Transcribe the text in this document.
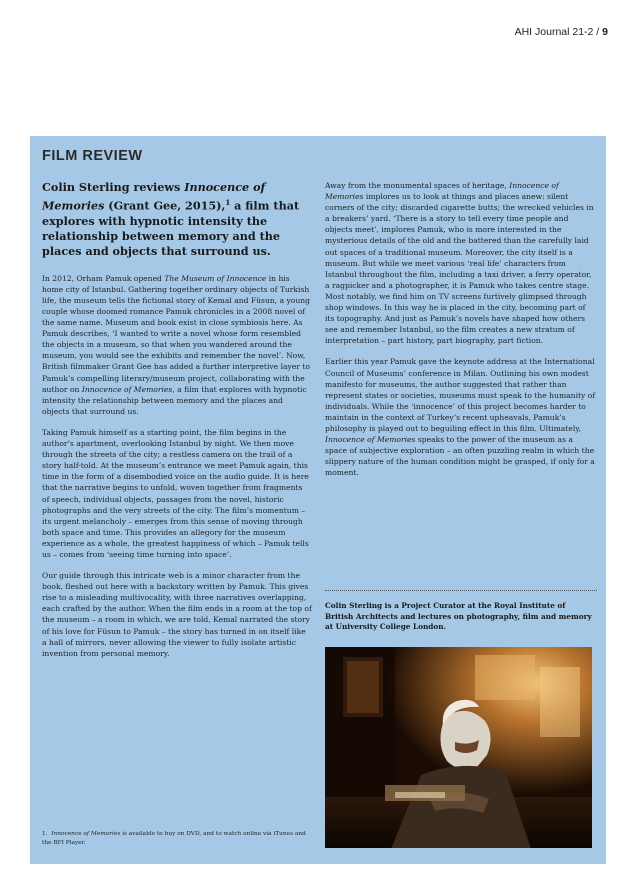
AHI Journal 21-2 / 9
FILM REVIEW

Colin Sterling reviews Innocence of Memories (Grant Gee, 2015),$^1$ a film that explores with hypnotic intensity the relationship between memory and the places and objects that surround us.

In 2012, Orham Pamuk opened The Museum of Innocence in his home city of Istanbul. Gathering together ordinary objects of Turkish life, the museum tells the fictional story of Kemal and Füsun, a young couple whose doomed romance Pamuk chronicles in a 2008 novel of the same name. Museum and book exist in close symbiosis here. As Pamuk describes, ‘I wanted to write a novel whose form resembled the objects in a museum, so that when you wandered around the museum, you would see the exhibits and remember the novel’. Now, British filmmaker Grant Gee has added a further interpretive layer to Pamuk’s compelling literary/museum project, collaborating with the author on Innocence of Memories, a film that explores with hypnotic intensity the relationship between memory and the places and objects that surround us.

Taking Pamuk himself as a starting point, the film begins in the author’s apartment, overlooking Istanbul by night. We then move through the streets of the city; a restless camera on the trail of a story half-told. At the museum’s entrance we meet Pamuk again, this time in the form of a disembodied voice on the audio guide. It is here that the narrative begins to unfold, woven together from fragments of speech, individual objects, passages from the novel, historic photographs and the very streets of the city. The film’s momentum – its urgent melancholy – emerges from this sense of moving through both space and time. This provides an allegory for the museum experience as a whole, the greatest happiness of which – Pamuk tells us – comes from ‘seeing time turning into space’.

Our guide through this intricate web is a minor character from the book, fleshed out here with a backstory written by Pamuk. This gives rise to a misleading multivocality, with three narratives overlapping, each crafted by the author. When the film ends in a room at the top of the museum – a room in which, we are told, Kemal narrated the story of his love for Füsun to Pamuk – the story has turned in on itself like a hall of mirrors, never allowing the viewer to fully isolate artistic invention from personal memory.

Away from the monumental spaces of heritage, Innocence of Memories implores us to look at things and places anew: silent corners of the city; discarded cigarette butts; the wrecked vehicles in a breakers’ yard. ‘There is a story to tell every time people and objects meet’, implores Pamuk, who is more interested in the mysterious details of the old and the battered than the carefully laid out spaces of a traditional museum. Moreover, the city itself is a museum. But while we meet various ‘real life’ characters from Istanbul throughout the film, including a taxi driver, a ferry operator, a ragpicker and a photographer, it is Pamuk who takes centre stage. Most notably, we find him on TV screens furtively glimpsed through shop windows. In this way he is placed in the city, becoming part of its topography. And just as Pamuk’s novels have shaped how others see and remember Istanbul, so the film creates a new stratum of interpretation – part history, part biography, part fiction.

Earlier this year Pamuk gave the keynote address at the International Council of Museums’ conference in Milan. Outlining his own modest manifesto for museums, the author suggested that rather than represent states or societies, museums must speak to the humanity of individuals. While the ‘innocence’ of this project becomes harder to maintain in the context of Turkey’s recent upheavals, Pamuk’s philosophy is played out to beguiling effect in this film. Ultimately, Innocence of Memories speaks to the power of the museum as a space of subjective exploration – an often puzzling realm in which the slippery nature of the human condition might be grasped, if only for a moment.

Colin Sterling is a Project Curator at the Royal Institute of British Architects and lectures on photography, film and memory at University College London.

1. Innocence of Memories is available to buy on DVD, and to watch online via iTunes and the BFI Player.
